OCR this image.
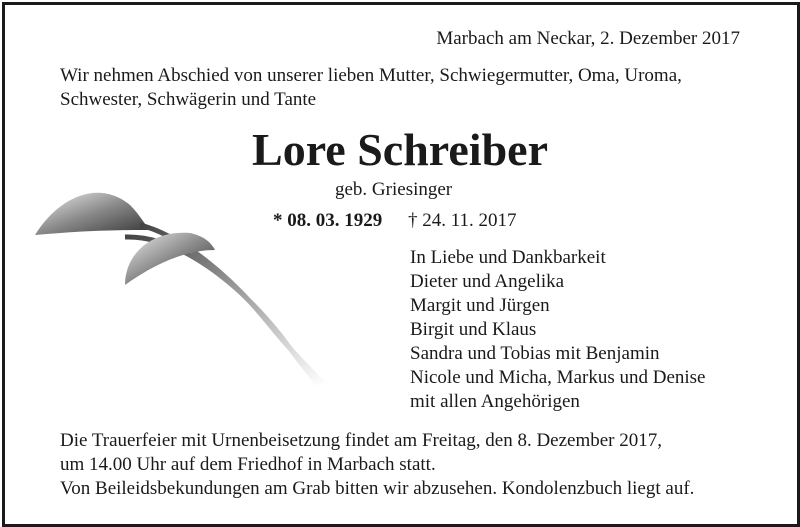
Marbach am Neckar, 2. Dezember 2017
Wir nehmen Abschied von unserer lieben Mutter, Schwiegermutter, Oma, Uroma,
Schwester, Schwägerin und Tante
Lore Schreiber
geb. Griesinger
* 08. 03. 1929 † 24. 11. 2017
In Liebe und Dankbarkeit
Dieter und Angelika
Margit und Jürgen
Birgit und Klaus
Sandra und Tobias mit Benjamin
Nicole und Micha, Markus und Denise
mit allen Angehörigen
Die Trauerfeier mit Urnenbeisetzung findet am Freitag, den 8. Dezember 2017,
um 14.00 Uhr auf dem Friedhof in Marbach statt.
Von Beileidsbekundungen am Grab bitten wir abzusehen. Kondolenzbuch liegt auf.
